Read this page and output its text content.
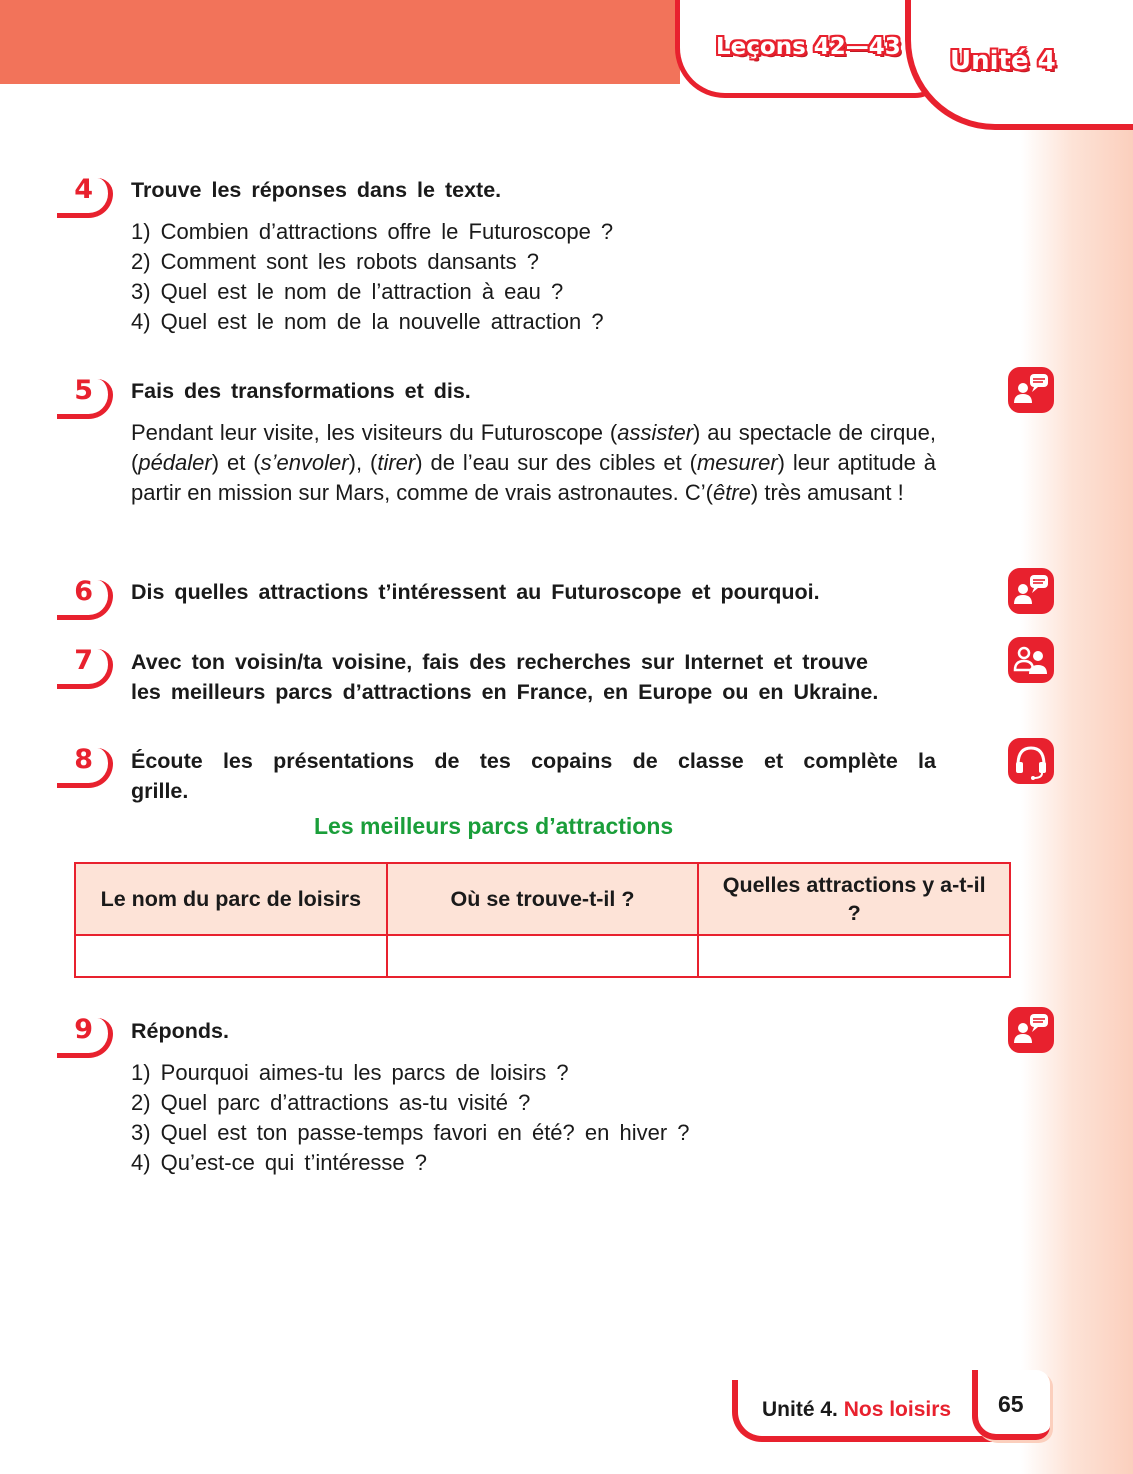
Leçons 42—43 Unité 4
4 Trouve les réponses dans le texte.
1) Combien d’attractions offre le Futuroscope ?
2) Comment sont les robots dansants ?
3) Quel est le nom de l’attraction à eau ?
4) Quel est le nom de la nouvelle attraction ?
5 Fais des transformations et dis.
Pendant leur visite, les visiteurs du Futuroscope (assister) au spectacle de cirque, (pédaler) et (s’envoler), (tirer) de l’eau sur des cibles et (mesurer) leur aptitude à partir en mission sur Mars, comme de vrais astronautes. C’(être) très amusant !
6 Dis quelles attractions t’intéressent au Futuroscope et pourquoi.
7 Avec ton voisin/ta voisine, fais des recherches sur Internet et trouve
les meilleurs parcs d’attractions en France, en Europe ou en Ukraine.
8 Écoute les présentations de tes copains de classe et complète la
grille.
Les meilleurs parcs d’attractions
Le nom du parc de loisirs	Où se trouve-t-il ?	Quelles attractions y a-t-il ?

9 Réponds.
1) Pourquoi aimes-tu les parcs de loisirs ?
2) Quel parc d’attractions as-tu visité ?
3) Quel est ton passe-temps favori en été? en hiver ?
4) Qu’est-ce qui t’intéresse ?
Unité 4. Nos loisirs 65
